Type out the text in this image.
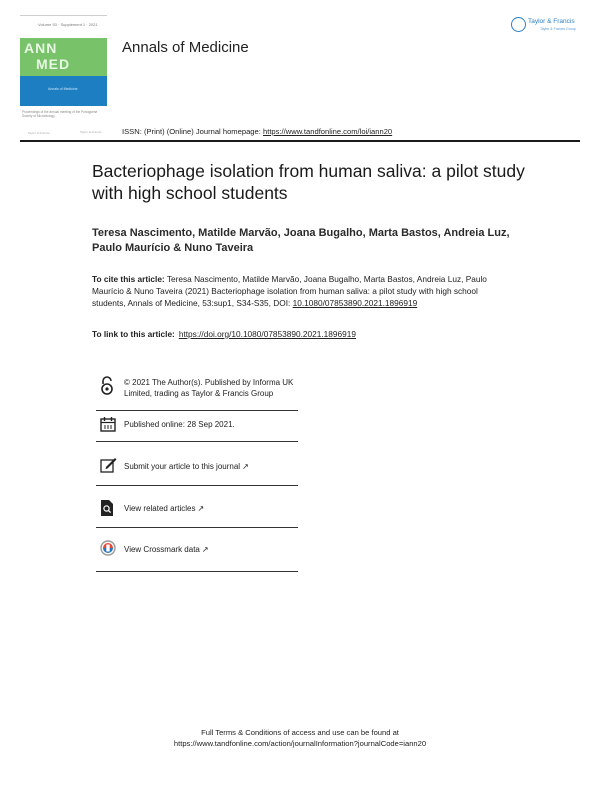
Volume 53 · Supplement 1 · 2021
ANN
MED
Annals of Medicine
Proceedings of the annual meeting of the Portuguese Society of Microbiology
Taylor & Francis	Taylor & Francis
Annals of Medicine
Taylor & Francis
Taylor & Francis Group
ISSN: (Print) (Online) Journal homepage: https://www.tandfonline.com/loi/iann20
Bacteriophage isolation from human saliva: a pilot study with high school students
Teresa Nascimento, Matilde Marvão, Joana Bugalho, Marta Bastos, Andreia Luz, Paulo Maurício & Nuno Taveira
To cite this article: Teresa Nascimento, Matilde Marvão, Joana Bugalho, Marta Bastos, Andreia Luz, Paulo Maurício & Nuno Taveira (2021) Bacteriophage isolation from human saliva: a pilot study with high school students, Annals of Medicine, 53:sup1, S34-S35, DOI: 10.1080/07853890.2021.1896919
To link to this article: https://doi.org/10.1080/07853890.2021.1896919
© 2021 The Author(s). Published by Informa UK Limited, trading as Taylor & Francis Group
Published online: 28 Sep 2021.
Submit your article to this journal ↗
View related articles ↗
View Crossmark data ↗
Full Terms & Conditions of access and use can be found at
https://www.tandfonline.com/action/journalInformation?journalCode=iann20
